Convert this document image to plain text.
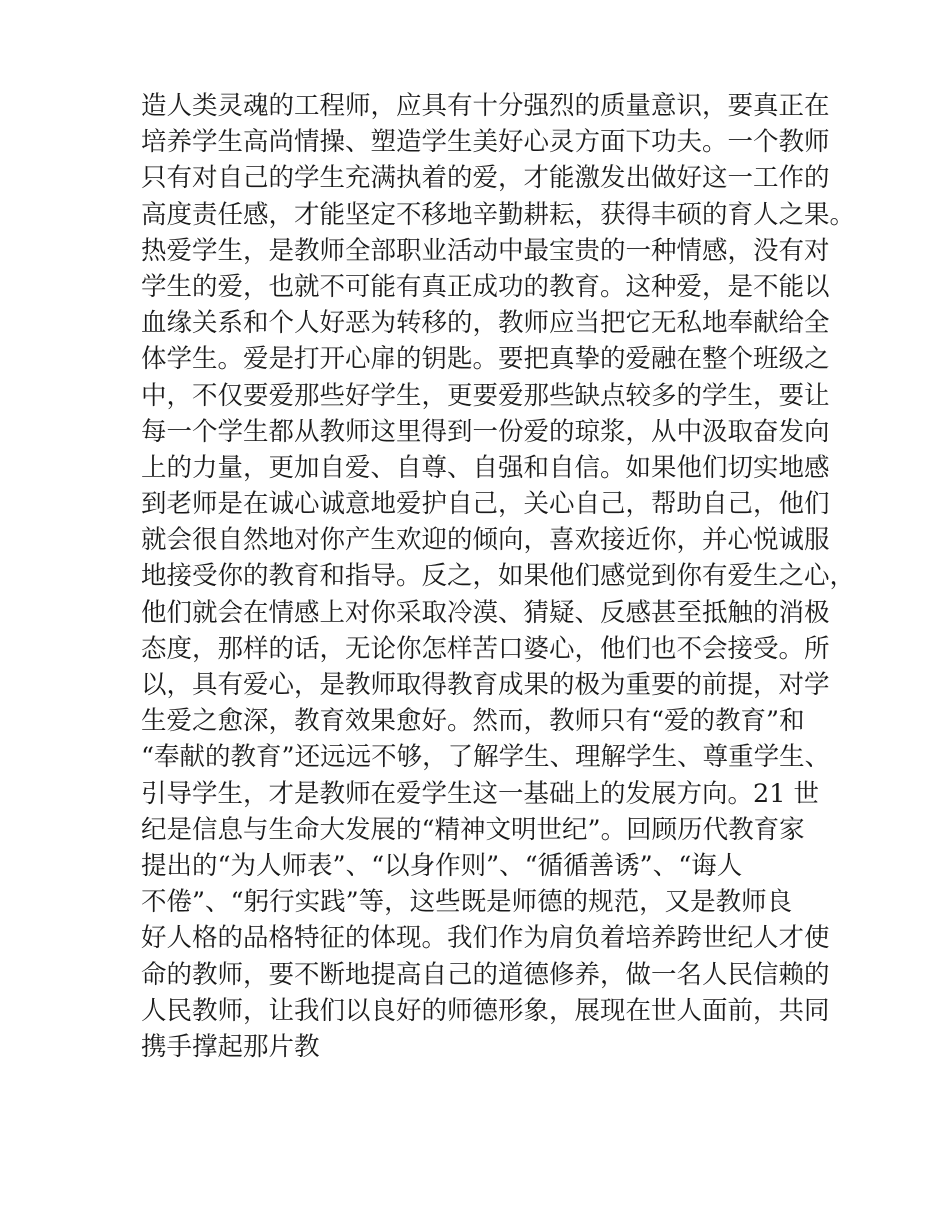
造人类灵魂的工程师，应具有十分强烈的质量意识，要真正在
培养学生高尚情操、塑造学生美好心灵方面下功夫。一个教师
只有对自己的学生充满执着的爱，才能激发出做好这一工作的
高度责任感，才能坚定不移地辛勤耕耘，获得丰硕的育人之果。
热爱学生，是教师全部职业活动中最宝贵的一种情感，没有对
学生的爱，也就不可能有真正成功的教育。这种爱，是不能以
血缘关系和个人好恶为转移的，教师应当把它无私地奉献给全
体学生。爱是打开心扉的钥匙。要把真挚的爱融在整个班级之
中，不仅要爱那些好学生，更要爱那些缺点较多的学生，要让
每一个学生都从教师这里得到一份爱的琼浆，从中汲取奋发向
上的力量，更加自爱、自尊、自强和自信。如果他们切实地感
到老师是在诚心诚意地爱护自己，关心自己，帮助自己，他们
就会很自然地对你产生欢迎的倾向，喜欢接近你，并心悦诚服
地接受你的教育和指导。反之，如果他们感觉到你有爱生之心，
他们就会在情感上对你采取冷漠、猜疑、反感甚至抵触的消极
态度，那样的话，无论你怎样苦口婆心，他们也不会接受。所
以，具有爱心，是教师取得教育成果的极为重要的前提，对学
生爱之愈深，教育效果愈好。然而，教师只有“爱的教育”和
“奉献的教育”还远远不够，了解学生、理解学生、尊重学生、
引导学生，才是教师在爱学生这一基础上的发展方向。21 世
纪是信息与生命大发展的“精神文明世纪”。回顾历代教育家
提出的“为人师表”、“以身作则”、“循循善诱”、“诲人
不倦”、“躬行实践”等，这些既是师德的规范，又是教师良
好人格的品格特征的体现。我们作为肩负着培养跨世纪人才使
命的教师，要不断地提高自己的道德修养，做一名人民信赖的
人民教师，让我们以良好的师德形象，展现在世人面前，共同
携手撑起那片教
